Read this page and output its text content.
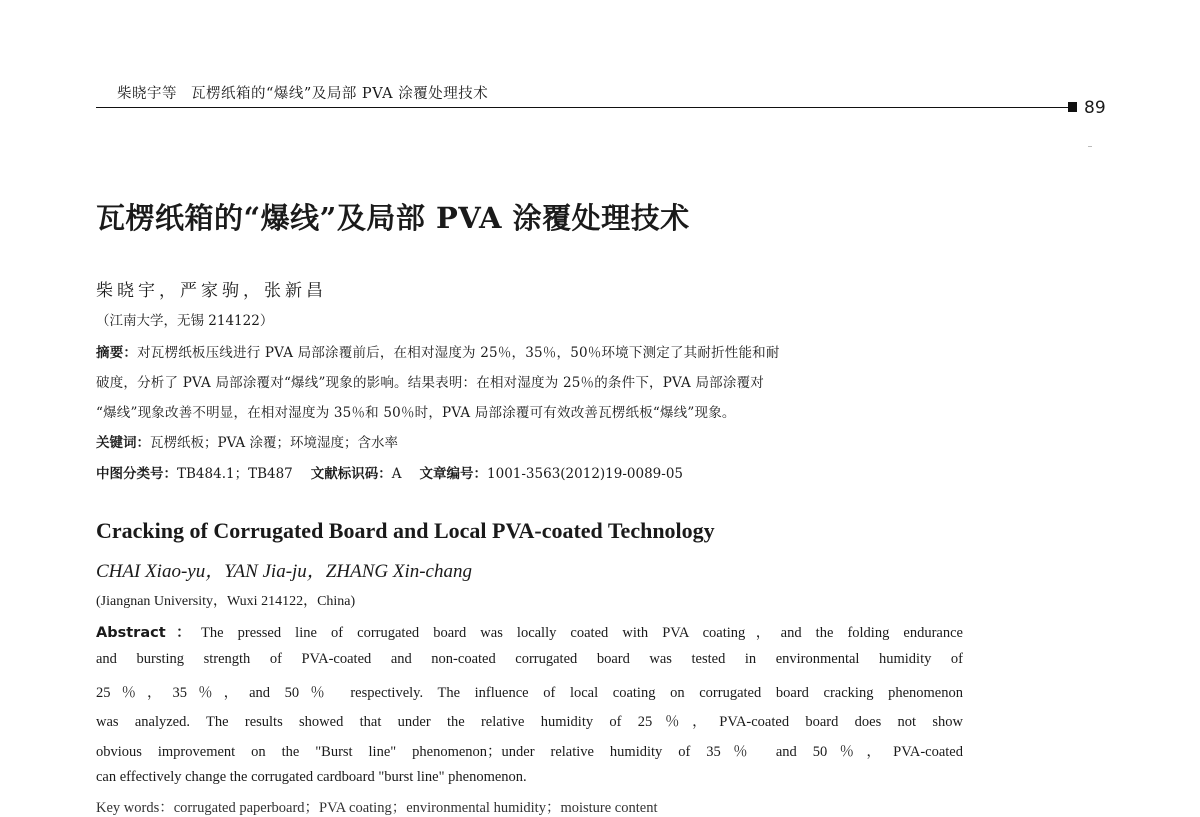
柴晓宇等 瓦楞纸箱的“爆线”及局部 PVA 涂覆处理技术
89
瓦楞纸箱的“爆线”及局部 PVA 涂覆处理技术
柴晓宇，严家驹，张新昌
（江南大学，无锡 214122）
摘要：对瓦楞纸板压线进行 PVA 局部涂覆前后，在相对湿度为 25％，35％，50％环境下测定了其耐折性能和耐
破度，分析了 PVA 局部涂覆对“爆线”现象的影响。结果表明：在相对湿度为 25％的条件下，PVA 局部涂覆对
“爆线”现象改善不明显，在相对湿度为 35％和 50％时，PVA 局部涂覆可有效改善瓦楞纸板“爆线”现象。
关键词：瓦楞纸板；PVA 涂覆；环境湿度；含水率
中图分类号：TB484.1；TB487 文献标识码：A 文章编号：1001-3563(2012)19-0089-05
Cracking of Corrugated Board and Local PVA-coated Technology
CHAI Xiao-yu，YAN Jia-ju，ZHANG Xin-chang
(Jiangnan University，Wuxi 214122，China)
Abstract：The pressed line of corrugated board was locally coated with PVA coating，and the folding endurance
and bursting strength of PVA-coated and non-coated corrugated board was tested in environmental humidity of
25％，35％，and 50％ respectively. The influence of local coating on corrugated board cracking phenomenon
was analyzed. The results showed that under the relative humidity of 25％，PVA-coated board does not show
obvious improvement on the "Burst line" phenomenon；under relative humidity of 35％ and 50％，PVA-coated
can effectively change the corrugated cardboard "burst line" phenomenon.
Key words：corrugated paperboard；PVA coating；environmental humidity；moisture content
